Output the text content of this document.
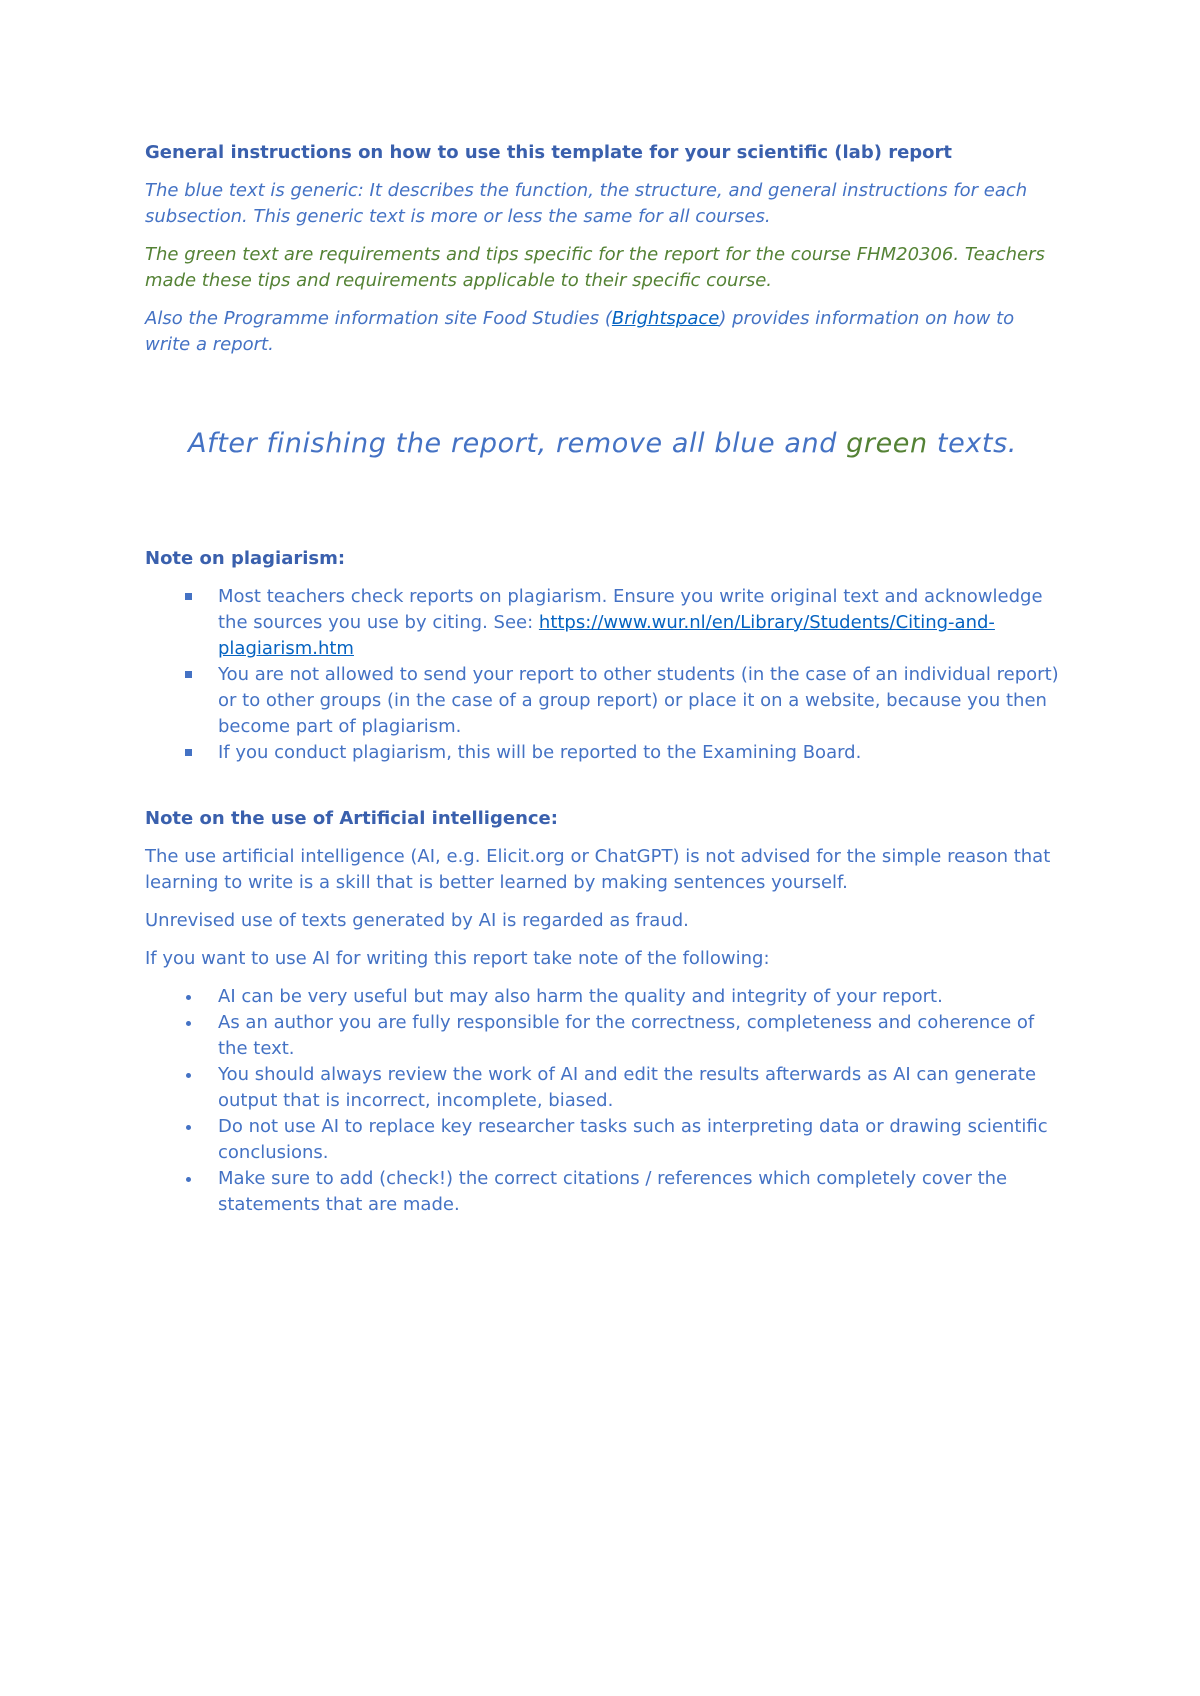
General instructions on how to use this template for your scientific (lab) report

The blue text is generic: It describes the function, the structure, and general instructions for each subsection. This generic text is more or less the same for all courses.

The green text are requirements and tips specific for the report for the course FHM20306. Teachers made these tips and requirements applicable to their specific course.

Also the Programme information site Food Studies (Brightspace) provides information on how to write a report.

After finishing the report, remove all blue and green texts.

Note on plagiarism:

Most teachers check reports on plagiarism. Ensure you write original text and acknowledge the sources you use by citing. See: https://www.wur.nl/en/Library/Students/Citing-and-plagiarism.htm
You are not allowed to send your report to other students (in the case of an individual report) or to other groups (in the case of a group report) or place it on a website, because you then become part of plagiarism.
If you conduct plagiarism, this will be reported to the Examining Board.

Note on the use of Artificial intelligence:

The use artificial intelligence (AI, e.g. Elicit.org or ChatGPT) is not advised for the simple reason that learning to write is a skill that is better learned by making sentences yourself.

Unrevised use of texts generated by AI is regarded as fraud.

If you want to use AI for writing this report take note of the following:

AI can be very useful but may also harm the quality and integrity of your report.
As an author you are fully responsible for the correctness, completeness and coherence of the text.
You should always review the work of AI and edit the results afterwards as AI can generate output that is incorrect, incomplete, biased.
Do not use AI to replace key researcher tasks such as interpreting data or drawing scientific conclusions.
Make sure to add (check!) the correct citations / references which completely cover the statements that are made.
